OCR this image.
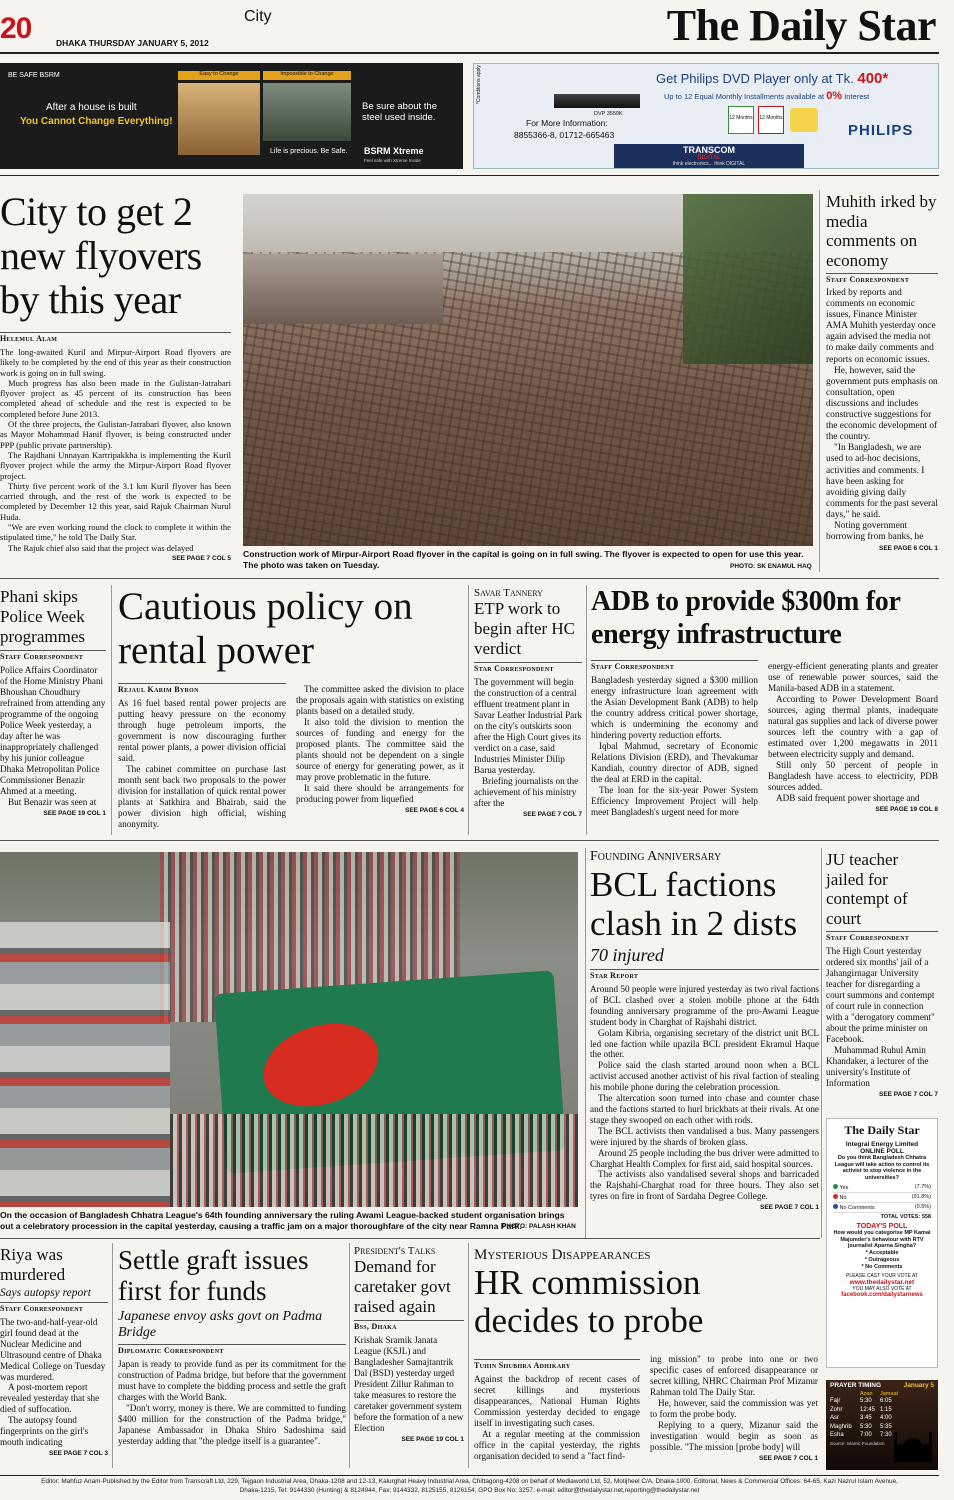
20	City
DHAKA THURSDAY JANUARY 5, 2012	The Daily Star
BE SAFE BSRM
After a house is built
You Cannot Change Everything!
Easy to Change	Impossible to Change
Be sure about the steel used inside.
Life is precious. Be Safe. BSRM Xtreme
Feel safe with Xtreme Inside
DVP 3550K
Get Philips DVD Player only at Tk. 400*
Up to 12 Equal Monthly Installments available at 0% Interest
For More Information:
8855366-8, 01712-665463
*Conditions apply
12 Months 12 Months
PHILIPS
TRANSCOM
DIGITAL
think electronics... think DIGITAL
City to get 2 new flyovers by this year
Helemul Alam

The long-awaited Kuril and Mirpur-Airport Road flyovers are likely to be completed by the end of this year as their construction work is going on in full swing.

Much progress has also been made in the Gulistan-Jatrabari flyover project as 45 percent of its construction has been completed ahead of schedule and the rest is expected to be completed before June 2013.

Of the three projects, the Gulistan-Jatrabari flyover, also known as Mayor Mohammad Hanif flyover, is being constructed under PPP (public private partnership).

The Rajdhani Unnayan Kartripakkha is implementing the Kuril flyover project while the army the Mirpur-Airport Road flyover project.

Thirty five percent work of the 3.1 km Kuril flyover has been carried through, and the rest of the work is expected to be completed by December 12 this year, said Rajuk Chairman Nurul Huda.

"We are even working round the clock to complete it within the stipulated time," he told The Daily Star.

The Rajuk chief also said that the project was delayed

SEE PAGE 7 COL 5 Construction work of Mirpur-Airport Road flyover in the capital is going on in full swing. The flyover is expected to open for use this year. The photo was taken on Tuesday.	PHOTO: SK ENAMUL HAQ
Muhith irked by media comments on economy
Staff Correspondent

Irked by reports and comments on economic issues, Finance Minister AMA Muhith yesterday once again advised the media not to make daily comments and reports on economic issues.

He, however, said the government puts emphasis on consultation, open discussions and includes constructive suggestions for the economic development of the country.

"In Bangladesh, we are used to ad-hoc decisions, activities and comments. I have been asking for avoiding giving daily comments for the past several days," he said.

Noting government borrowing from banks, he

SEE PAGE 6 COL 1
Phani skips Police Week programmes
Staff Correspondent

Police Affairs Coordinator of the Home Ministry Phani Bhoushan Choudhury refrained from attending any programme of the ongoing Police Week yesterday, a day after he was inappropriately challenged by his junior colleague Dhaka Metropolitan Police Commissioner Benazir Ahmed at a meeting.

But Benazir was seen at

SEE PAGE 19 COL 1
Cautious policy on rental power
Rejaul Karim Byron

As 16 fuel based rental power projects are putting heavy pressure on the economy through huge petroleum imports, the government is now discouraging further rental power plants, a power division official said.

The cabinet committee on purchase last month sent back two proposals to the power division for installation of quick rental power plants at Satkhira and Bhairab, said the power division high official, wishing anonymity.

The committee asked the division to place the proposals again with statistics on existing plants based on a detailed study.

It also told the division to mention the sources of funding and energy for the proposed plants. The committee said the plants should not be dependent on a single source of energy for generating power, as it may prove problematic in the future.

It said there should be arrangements for producing power from liquefied

SEE PAGE 6 COL 4
Savar Tannery
ETP work to begin after HC verdict
Star Correspondent

The government will begin the construction of a central effluent treatment plant in Savar Leather Industrial Park on the city's outskirts soon after the High Court gives its verdict on a case, said Industries Minister Dilip Barua yesterday.

Briefing journalists on the achievement of his ministry after the

SEE PAGE 7 COL 7
ADB to provide $300m for energy infrastructure
Staff Correspondent

Bangladesh yesterday signed a $300 million energy infrastructure loan agreement with the Asian Development Bank (ADB) to help the country address critical power shortage, which is undermining the economy and hindering poverty reduction efforts.

Iqbal Mahmud, secretary of Economic Relations Division (ERD), and Thevakumar Kandiah, country director of ADB, signed the deal at ERD in the capital.

The loan for the six-year Power System Efficiency Improvement Project will help meet Bangladesh's urgent need for more

energy-efficient generating plants and greater use of renewable power sources, said the Manila-based ADB in a statement.

According to Power Development Board sources, aging thermal plants, inadequate natural gas supplies and lack of diverse power sources left the country with a gap of estimated over 1,200 megawatts in 2011 between electricity supply and demand.

Still only 50 percent of people in Bangladesh have access to electricity, PDB sources added.

ADB said frequent power shortage and

SEE PAGE 19 COL 8
On the occasion of Bangladesh Chhatra League's 64th founding anniversary the ruling Awami League-backed student organisation brings out a celebratory procession in the capital yesterday, causing a traffic jam on a major thoroughfare of the city near Ramna Park.
PHOTO: PALASH KHAN
Founding Anniversary
BCL factions clash in 2 dists
70 injured
Star Report

Around 50 people were injured yesterday as two rival factions of BCL clashed over a stolen mobile phone at the 64th founding anniversary programme of the pro-Awami League student body in Charghat of Rajshahi district.

Golam Kibria, organising secretary of the district unit BCL led one faction while upazila BCL president Ekramul Haque the other.

Police said the clash started around noon when a BCL activist accused another activist of his rival faction of stealing his mobile phone during the celebration procession.

The altercation soon turned into chase and counter chase and the factions started to hurl brickbats at their rivals. At one stage they swooped on each other with rods.

The BCL activists then vandalised a bus. Many passengers were injured by the shards of broken glass.

Around 25 people including the bus driver were admitted to Charghat Health Complex for first aid, said hospital sources.

The activists also vandalised several shops and barricaded the Rajshahi-Charghat road for three hours. They also set tyres on fire in front of Sardaha Degree College.

SEE PAGE 7 COL 1
JU teacher jailed for contempt of court
Staff Correspondent

The High Court yesterday ordered six months' jail of a Jahangirnagar University teacher for disregarding a court summons and contempt of court rule in connection with a "derogatory comment" about the prime minister on Facebook.

Muhammad Ruhul Amin Khandaker, a lecturer of the university's Institute of Information

SEE PAGE 7 COL 7
The Daily Star
Integral Energy Limited
ONLINE POLL
Do you think Bangladesh Chhatra League will take action to control its activist to stop violence in the universities?
Yes	(7.7%)
No	(91.8%)
No Comments	(0.5%)
TOTAL VOTES: 558
TODAY'S POLL
How would you categorise MP Kamal Majumder's behaviour with RTV journalist Aparna Singha?
* Acceptable
* Outrageous
* No Comments
PLEASE CAST YOUR VOTE AT
www.thedailystar.net
YOU MAY ALSO VOTE AT
facebook.com/dailystarnews
Riya was murdered
Says autopsy report
Staff Correspondent

The two-and-half-year-old girl found dead at the Nuclear Medicine and Ultrasound centre of Dhaka Medical College on Tuesday was murdered.

A post-mortem report revealed yesterday that she died of suffocation.

The autopsy found fingerprints on the girl's mouth indicating

SEE PAGE 7 COL 3
Settle graft issues first for funds
Japanese envoy asks govt on Padma Bridge
Diplomatic Correspondent

Japan is ready to provide fund as per its commitment for the construction of Padma bridge, but before that the government must have to complete the bidding process and settle the graft charges with the World Bank.

"Don't worry, money is there. We are committed to funding $400 million for the construction of the Padma bridge," Japanese Ambassador in Dhaka Shiro Sadoshima said yesterday adding that "the pledge itself is a guarantee".

President's Talks
Demand for caretaker govt raised again
Bss, Dhaka

Krishak Sramik Janata League (KSJL) and Bangladesher Samajtantrik Dal (BSD) yesterday urged President Zillur Rahman to take measures to restore the caretaker government system before the formation of a new Election

SEE PAGE 19 COL 1
Mysterious Disappearances
HR commission decides to probe
Tuhin Shubhra Adhikary

Against the backdrop of recent cases of secret killings and mysterious disappearances, National Human Rights Commission yesterday decided to engage itself in investigating such cases.

At a regular meeting at the commission office in the capital yesterday, the rights organisation decided to send a "fact find-

ing mission" to probe into one or two specific cases of enforced disappearance or secret killing, NHRC Chairman Prof Mizanur Rahman told The Daily Star.

He, however, said the commission was yet to form the probe body.

Replying to a query, Mizanur said the investigation would begin as soon as possible. "The mission [probe body] will

SEE PAGE 7 COL 1
PRAYER TIMING	January 5
Azan	Jamaat
Fajr	5:30	6:05
Zohr	12:45 1:15
Asr	3:45	4:00
Maghrib	5:30	5:35
Esha	7:00	7:30
Source: Islamic Foundation
Editor: Mahfuz Anam-Published by the Editor from Transcraft Ltd, 229, Tejgaon Industrial Area, Dhaka-1208 and 12-13, Kalurghat Heavy Industrial Area, Chittagong-4208 on behalf of Mediaworld Ltd, 52, Motijheel C/A, Dhaka-1000. Editorial, News & Commercial Offices: 64-65, Kazi Nazrul Islam Avenue,
Dhaka-1215, Tel: 9144330 (Hunting) & 8124944, Fax: 9144332, 8125155, 8126154, GPO Box No: 3257, e-mail: editor@thedailystar.net,reporting@thedailystar.net
